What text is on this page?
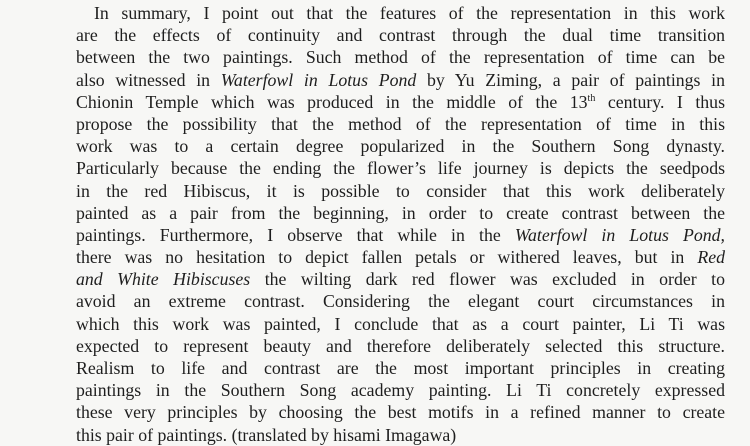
In summary, I point out that the features of the representation in this work
are the effects of continuity and contrast through the dual time transition
between the two paintings. Such method of the representation of time can be
also witnessed in Waterfowl in Lotus Pond by Yu Ziming, a pair of paintings in
Chionin Temple which was produced in the middle of the 13th century. I thus
propose the possibility that the method of the representation of time in this
work was to a certain degree popularized in the Southern Song dynasty.
Particularly because the ending the flower’s life journey is depicts the seedpods
in the red Hibiscus, it is possible to consider that this work deliberately
painted as a pair from the beginning, in order to create contrast between the
paintings. Furthermore, I observe that while in the Waterfowl in Lotus Pond,
there was no hesitation to depict fallen petals or withered leaves, but in Red
and White Hibiscuses the wilting dark red flower was excluded in order to
avoid an extreme contrast. Considering the elegant court circumstances in
which this work was painted, I conclude that as a court painter, Li Ti was
expected to represent beauty and therefore deliberately selected this structure.
Realism to life and contrast are the most important principles in creating
paintings in the Southern Song academy painting. Li Ti concretely expressed
these very principles by choosing the best motifs in a refined manner to create
this pair of paintings. (translated by hisami Imagawa)
